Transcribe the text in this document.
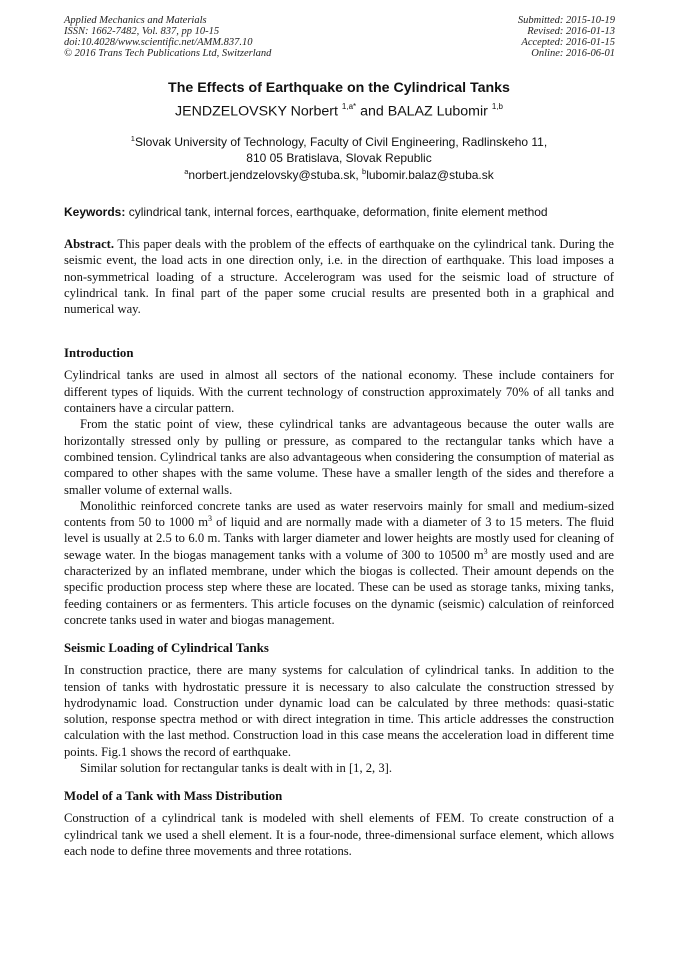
Applied Mechanics and Materials
ISSN: 1662-7482, Vol. 837, pp 10-15
doi:10.4028/www.scientific.net/AMM.837.10
© 2016 Trans Tech Publications Ltd, Switzerland
Submitted: 2015-10-19
Revised: 2016-01-13
Accepted: 2016-01-15
Online: 2016-06-01
The Effects of Earthquake on the Cylindrical Tanks
JENDZELOVSKY Norbert $^{1,a*}$ and BALAZ Lubomir $^{1,b}$
$^1$Slovak University of Technology, Faculty of Civil Engineering, Radlinskeho 11,
810 05 Bratislava, Slovak Republic
$^a$norbert.jendzelovsky@stuba.sk, $^b$lubomir.balaz@stuba.sk
Keywords: cylindrical tank, internal forces, earthquake, deformation, finite element method

Abstract. This paper deals with the problem of the effects of earthquake on the cylindrical tank. During the seismic event, the load acts in one direction only, i.e. in the direction of earthquake. This load imposes a non-symmetrical loading of a structure. Accelerogram was used for the seismic load of structure of cylindrical tank. In final part of the paper some crucial results are presented both in a graphical and numerical way.

Introduction

Cylindrical tanks are used in almost all sectors of the national economy. These include containers for different types of liquids. With the current technology of construction approximately 70% of all tanks and containers have a circular pattern.

From the static point of view, these cylindrical tanks are advantageous because the outer walls are horizontally stressed only by pulling or pressure, as compared to the rectangular tanks which have a combined tension. Cylindrical tanks are also advantageous when considering the consumption of material as compared to other shapes with the same volume. These have a smaller length of the sides and therefore a smaller volume of external walls.

Monolithic reinforced concrete tanks are used as water reservoirs mainly for small and medium-sized contents from 50 to 1000 $m^3$ of liquid and are normally made with a diameter of 3 to 15 meters. The fluid level is usually at 2.5 to 6.0 m. Tanks with larger diameter and lower heights are mostly used for cleaning of sewage water. In the biogas management tanks with a volume of 300 to 10500 $m^3$ are mostly used and are characterized by an inflated membrane, under which the biogas is collected. Their amount depends on the specific production process step where these are located. These can be used as storage tanks, mixing tanks, feeding containers or as fermenters. This article focuses on the dynamic (seismic) calculation of reinforced concrete tanks used in water and biogas management.

Seismic Loading of Cylindrical Tanks

In construction practice, there are many systems for calculation of cylindrical tanks. In addition to the tension of tanks with hydrostatic pressure it is necessary to also calculate the construction stressed by hydrodynamic load. Construction under dynamic load can be calculated by three methods: quasi-static solution, response spectra method or with direct integration in time. This article addresses the construction calculation with the last method. Construction load in this case means the acceleration load in different time points. Fig.1 shows the record of earthquake.

Similar solution for rectangular tanks is dealt with in [1, 2, 3].

Model of a Tank with Mass Distribution

Construction of a cylindrical tank is modeled with shell elements of FEM. To create construction of a cylindrical tank we used a shell element. It is a four-node, three-dimensional surface element, which allows each node to define three movements and three rotations.
